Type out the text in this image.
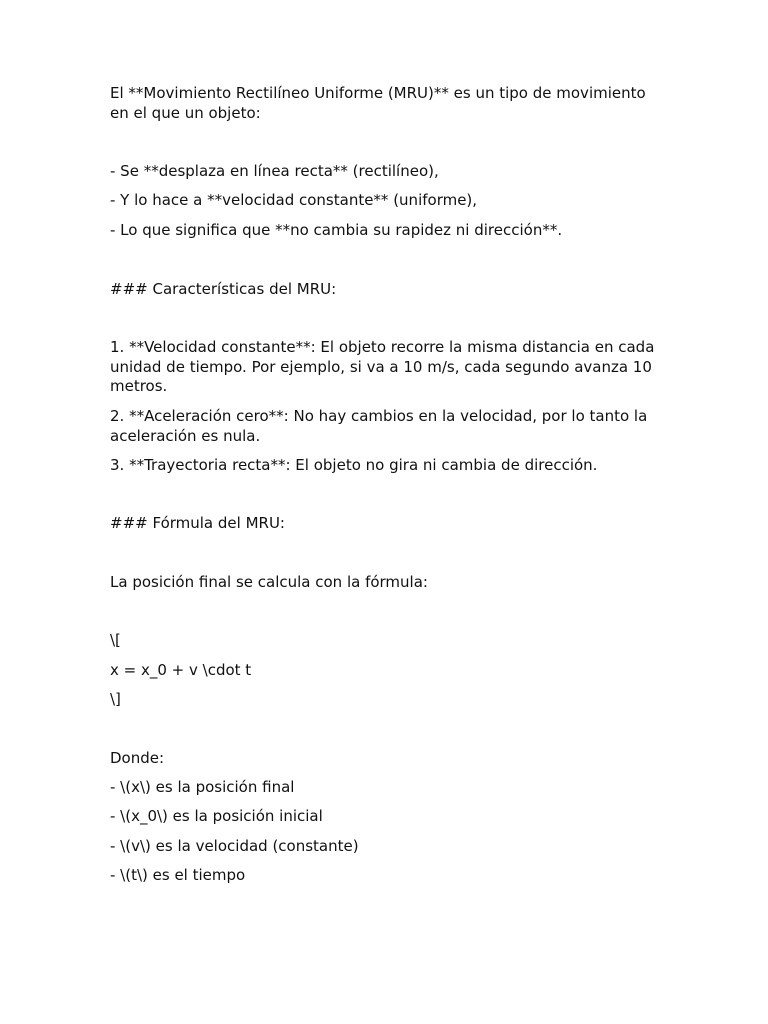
El **Movimiento Rectilíneo Uniforme (MRU)** es un tipo de movimiento en el que un objeto:

- Se **desplaza en línea recta** (rectilíneo),

- Y lo hace a **velocidad constante** (uniforme),

- Lo que significa que **no cambia su rapidez ni dirección**.

### Características del MRU:

1. **Velocidad constante**: El objeto recorre la misma distancia en cada unidad de tiempo. Por ejemplo, si va a 10 m/s, cada segundo avanza 10 metros.

2. **Aceleración cero**: No hay cambios en la velocidad, por lo tanto la aceleración es nula.

3. **Trayectoria recta**: El objeto no gira ni cambia de dirección.

### Fórmula del MRU:

La posición final se calcula con la fórmula:

\[

x = x_0 + v \cdot t

\]

Donde:

- \(x\) es la posición final

- \(x_0\) es la posición inicial

- \(v\) es la velocidad (constante)

- \(t\) es el tiempo
